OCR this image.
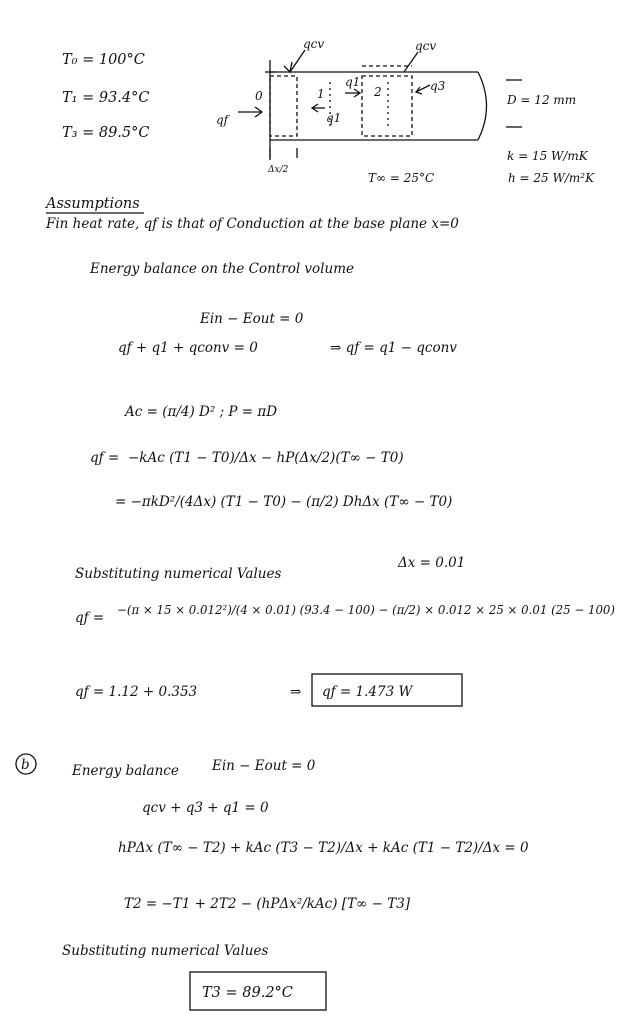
T₀ = 100°C
T₁ = 93.4°C
T₃ = 89.5°C
qcv	qcv
0	1	2
q1
q1
q3
qf
Δx/2
D = 12 mm
k = 15 W/mK
h = 25 W/m²K
T∞ = 25°C
Assumptions
Fin heat rate, qf is that of Conduction at the base plane x=0
Energy balance on the Control volume
Ein − Eout = 0
qf + q1 + qconv = 0	⇒ qf = q1 − qconv
Ac = (π/4) D² ; P = πD
qf = −kAc (T1 − T0)/Δx − hP(Δx/2)(T∞ − T0)
= −πkD²/(4Δx) (T1 − T0) − (π/2) DhΔx (T∞ − T0)
Substituting numerical Values
Δx = 0.01
qf = −(π × 15 × 0.012²)/(4 × 0.01) (93.4 − 100) − (π/2) × 0.012 × 25 × 0.01 (25 − 100)
qf = 1.12 + 0.353	⇒ qf = 1.473 W
b	Energy balance Ein − Eout = 0
qcv + q3 + q1 = 0
hPΔx (T∞ − T2) + kAc (T3 − T2)/Δx + kAc (T1 − T2)/Δx = 0
T2 = −T1 + 2T2 − (hPΔx²/kAc) [T∞ − T3]
Substituting numerical Values
T3 = 89.2°C
